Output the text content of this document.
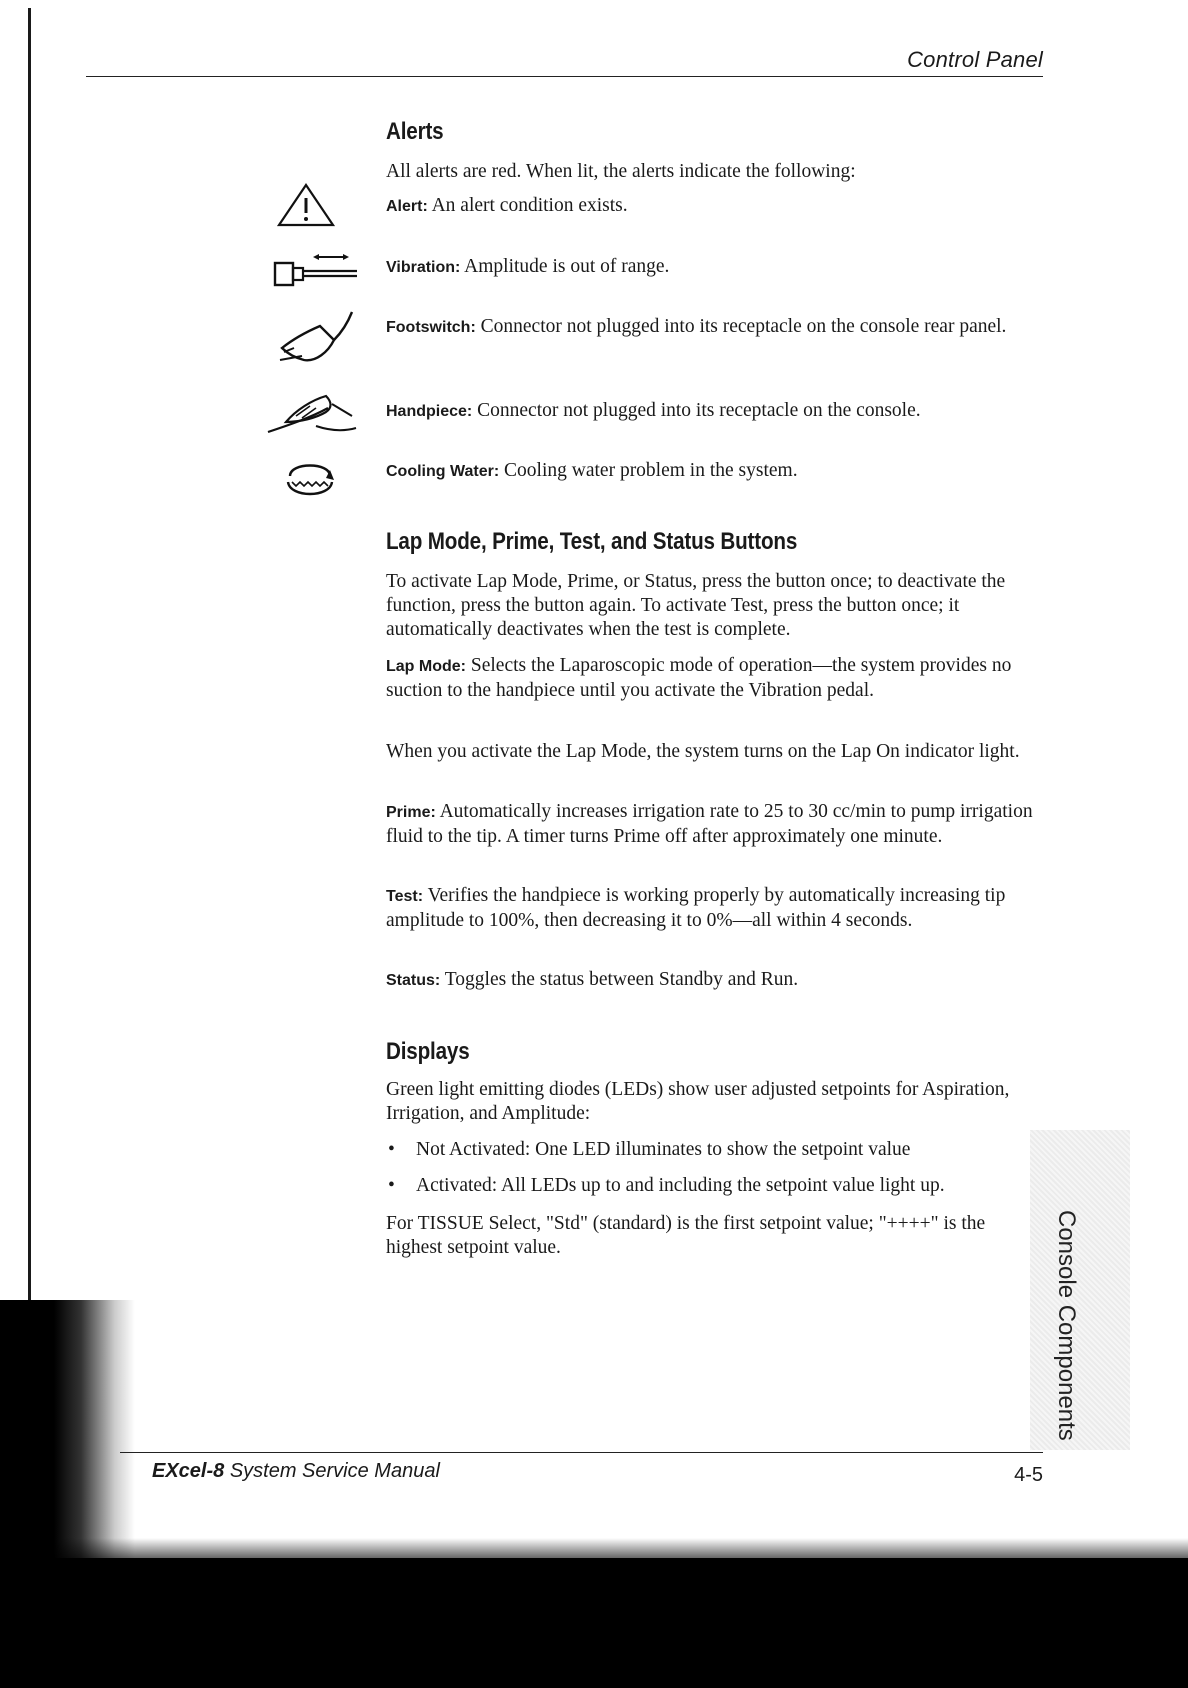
Control Panel
Alerts

All alerts are red. When lit, the alerts indicate the following:

Alert: An alert condition exists.

Vibration: Amplitude is out of range.

Footswitch: Connector not plugged into its receptacle on the console rear panel.

Handpiece: Connector not plugged into its receptacle on the console.

Cooling Water: Cooling water problem in the system.

Lap Mode, Prime, Test, and Status Buttons

To activate Lap Mode, Prime, or Status, press the button once; to deactivate the function, press the button again. To activate Test, press the button once; it automatically deactivates when the test is complete.

Lap Mode: Selects the Laparoscopic mode of operation—the system provides no suction to the handpiece until you activate the Vibration pedal.

When you activate the Lap Mode, the system turns on the Lap On indicator light.

Prime: Automatically increases irrigation rate to 25 to 30 cc/min to pump irrigation fluid to the tip. A timer turns Prime off after approximately one minute.

Test: Verifies the handpiece is working properly by automatically increasing tip amplitude to 100%, then decreasing it to 0%—all within 4 seconds.

Status: Toggles the status between Standby and Run.

Displays

Green light emitting diodes (LEDs) show user adjusted setpoints for Aspiration, Irrigation, and Amplitude:

• Not Activated: One LED illuminates to show the setpoint value
• Activated: All LEDs up to and including the setpoint value light up.

For TISSUE Select, "Std" (standard) is the first setpoint value; "++++" is the highest setpoint value.	Console Components
EXcel-8 System Service Manual	4-5
